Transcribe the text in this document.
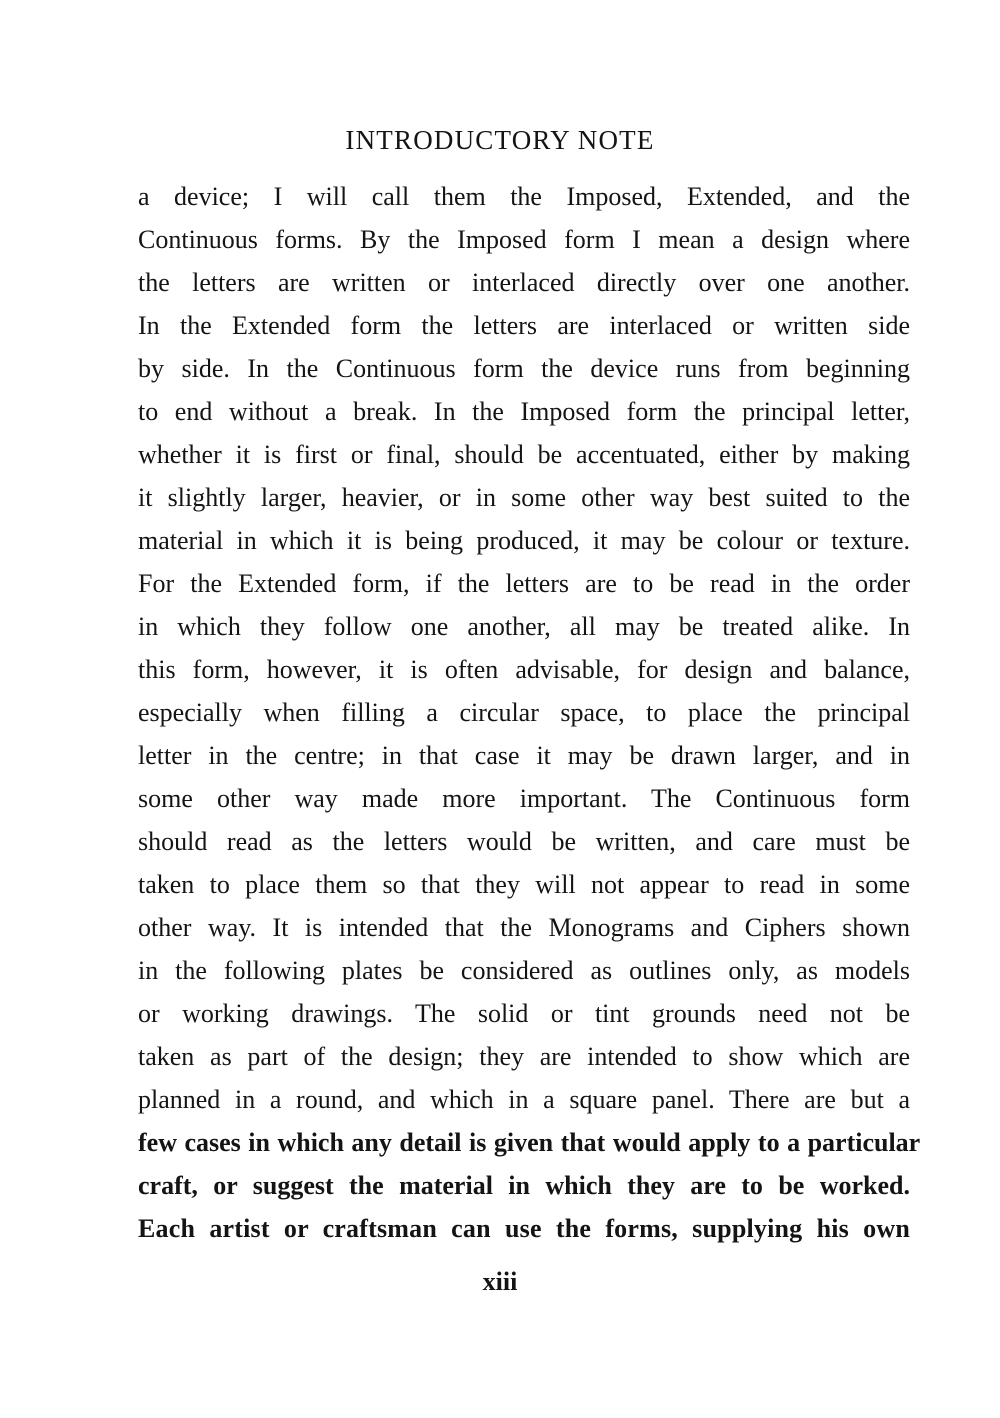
INTRODUCTORY NOTE
a device; I will call them the Imposed, Extended, and the
Continuous forms. By the Imposed form I mean a design where
the letters are written or interlaced directly over one another.
In the Extended form the letters are interlaced or written side
by side. In the Continuous form the device runs from beginning
to end without a break. In the Imposed form the principal letter,
whether it is first or final, should be accentuated, either by making
it slightly larger, heavier, or in some other way best suited to the
material in which it is being produced, it may be colour or texture.
For the Extended form, if the letters are to be read in the order
in which they follow one another, all may be treated alike. In
this form, however, it is often advisable, for design and balance,
especially when filling a circular space, to place the principal
letter in the centre; in that case it may be drawn larger, and in
some other way made more important. The Continuous form
should read as the letters would be written, and care must be
taken to place them so that they will not appear to read in some
other way. It is intended that the Monograms and Ciphers shown
in the following plates be considered as outlines only, as models
or working drawings. The solid or tint grounds need not be
taken as part of the design; they are intended to show which are
planned in a round, and which in a square panel. There are but a
few cases in which any detail is given that would apply to a particular
craft, or suggest the material in which they are to be worked.
Each artist or craftsman can use the forms, supplying his own
xiii
